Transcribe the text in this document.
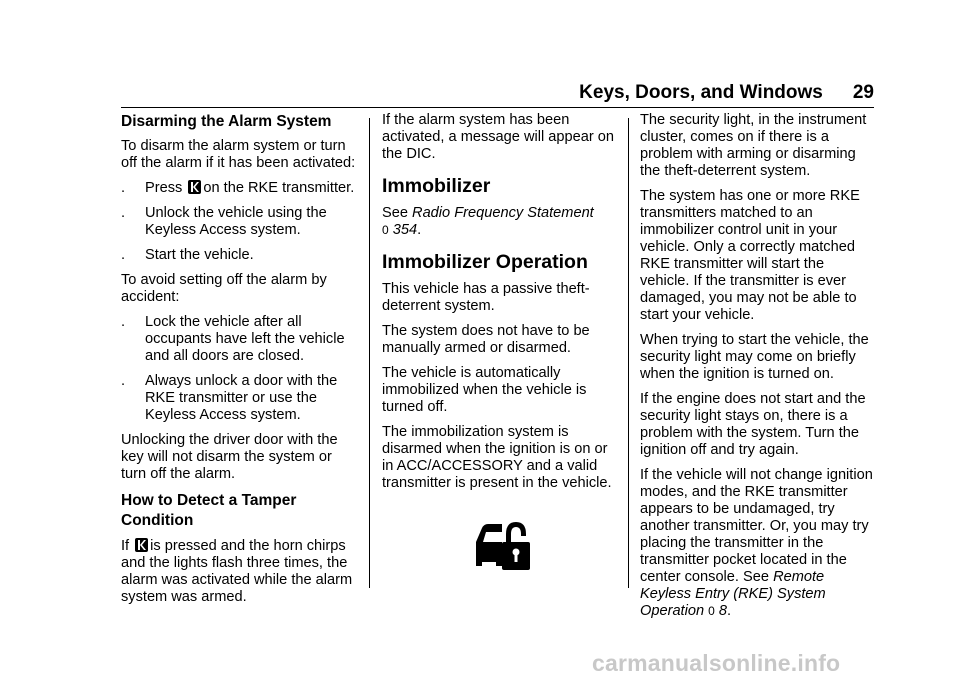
Keys, Doors, and Windows 29
Disarming the Alarm System

To disarm the alarm system or turn off the alarm if it has been activated:

.	Press on the RKE transmitter.
.	Unlock the vehicle using the Keyless Access system.
.	Start the vehicle.

To avoid setting off the alarm by accident:

.	Lock the vehicle after all occupants have left the vehicle and all doors are closed.
.	Always unlock a door with the RKE transmitter or use the Keyless Access system.

Unlocking the driver door with the key will not disarm the system or turn off the alarm.

How to Detect a Tamper Condition

If is pressed and the horn chirps and the lights flash three times, the alarm was activated while the alarm system was armed.

If the alarm system has been activated, a message will appear on the DIC.

Immobilizer

See Radio Frequency Statement
0 354.

Immobilizer Operation

This vehicle has a passive theft-deterrent system.

The system does not have to be manually armed or disarmed.

The vehicle is automatically immobilized when the vehicle is turned off.

The immobilization system is disarmed when the ignition is on or in ACC/ACCESSORY and a valid transmitter is present in the vehicle.

The security light, in the instrument cluster, comes on if there is a problem with arming or disarming the theft-deterrent system.

The system has one or more RKE transmitters matched to an immobilizer control unit in your vehicle. Only a correctly matched RKE transmitter will start the vehicle. If the transmitter is ever damaged, you may not be able to start your vehicle.

When trying to start the vehicle, the security light may come on briefly when the ignition is turned on.

If the engine does not start and the security light stays on, there is a problem with the system. Turn the ignition off and try again.

If the vehicle will not change ignition modes, and the RKE transmitter appears to be undamaged, try another transmitter. Or, you may try placing the transmitter in the transmitter pocket located in the center console. See Remote Keyless Entry (RKE) System Operation 0 8.

carmanualsonline.info
